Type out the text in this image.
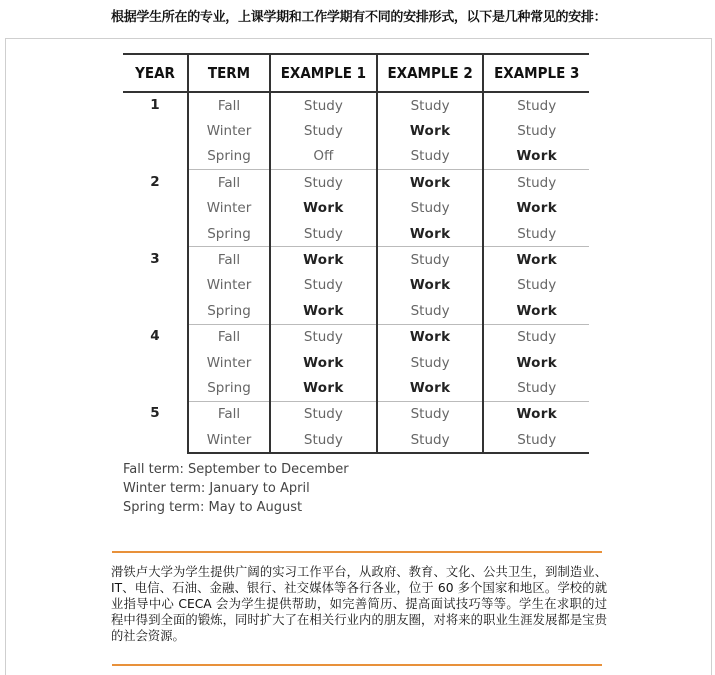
根据学生所在的专业，上课学期和工作学期有不同的安排形式，以下是几种常见的安排：
YEAR	TERM	EXAMPLE 1	EXAMPLE 2	EXAMPLE 3
1	Fall	Study	Study	Study
	Winter	Study	Work	Study
	Spring	Off	Study	Work
2	Fall	Study	Work	Study
	Winter	Work	Study	Work
	Spring	Study	Work	Study
3	Fall	Work	Study	Work
	Winter	Study	Work	Study
	Spring	Work	Study	Work
4	Fall	Study	Work	Study
	Winter	Work	Study	Work
	Spring	Work	Work	Study
5	Fall	Study	Study	Work
	Winter	Study	Study	Study
Fall term: September to December
Winter term: January to April
Spring term: May to August
滑铁卢大学为学生提供广阔的实习工作平台，从政府、教育、文化、公共卫生，到制造业、IT、电信、石油、金融、银行、社交媒体等各行各业，位于 60 多个国家和地区。学校的就业指导中心 CECA 会为学生提供帮助，如完善简历、提高面试技巧等等。学生在求职的过程中得到全面的锻炼，同时扩大了在相关行业内的朋友圈，对将来的职业生涯发展都是宝贵的社会资源。
